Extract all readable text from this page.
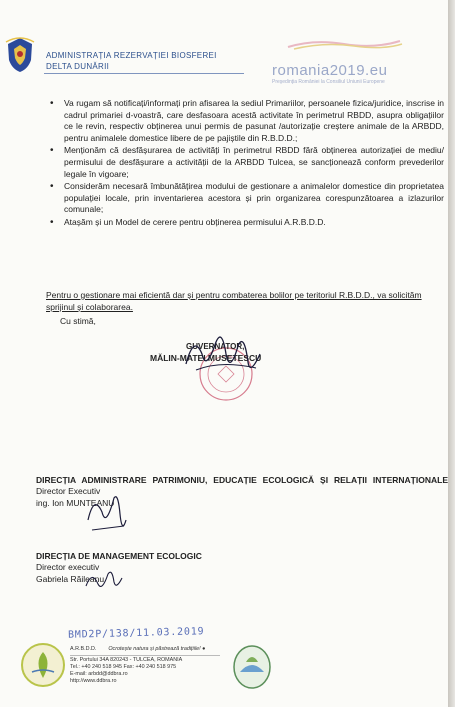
ADMINISTRAȚIA REZERVAȚIEI BIOSFEREI
DELTA DUNĂRII	romania2019.eu
Preşedinţia României la Consiliul Uniunii Europene
• Va rugam să notificați/informați prin afisarea la sediul Primariilor, persoanele fizica/juridice, inscrise in cadrul primariei d-voastră, care desfasoara acestă activitate în perimetrul RBDD, asupra obligațiilor ce le revin, respectiv obținerea unui permis de pasunat /autorizație creștere animale de la ARBDD, pentru animalele domestice libere de pe pajiștile din R.B.D.D.;
• Menționăm că desfășurarea de activități în perimetrul RBDD fără obținerea autorizației de mediu/ permisului de desfășurare a activității de la ARBDD Tulcea, se sancționează conform prevederilor legale în vigoare;
• Considerăm necesară îmbunătățirea modului de gestionare a animalelor domestice din proprietatea populației locale, prin inventarierea acestora și prin organizarea corespunzătoarea a izlazurilor comunale;
• Atașăm și un Model de cerere pentru obținerea permisului A.R.B.D.D.
Pentru o gestionare mai eficientă dar și pentru combaterea bolilor pe teritoriul R.B.D.D., va solicităm sprijinul și colaborarea.
Cu stimă,
GUVERNATOR,
MĂLIN-MATEI MUSETESCU
DIRECȚIA ADMINISTRARE PATRIMONIU, EDUCAȚIE ECOLOGICĂ ȘI RELAȚII INTERNAȚIONALE
Director Executiv
ing. Ion MUNTEANU
DIRECȚIA DE MANAGEMENT ECOLOGIC
Director executiv
Gabriela Răileanu
BMD2P/138/11.03.2019
A.R.B.D.D. Ocrotește natura și păstrează tradițiile! ●
Str. Portului 34A 820243 - TULCEA, ROMANIA
Tel.: +40 240 518 945 Fax: +40 240 518 975
E-mail: arbdd@ddbra.ro
http://www.ddbra.ro
